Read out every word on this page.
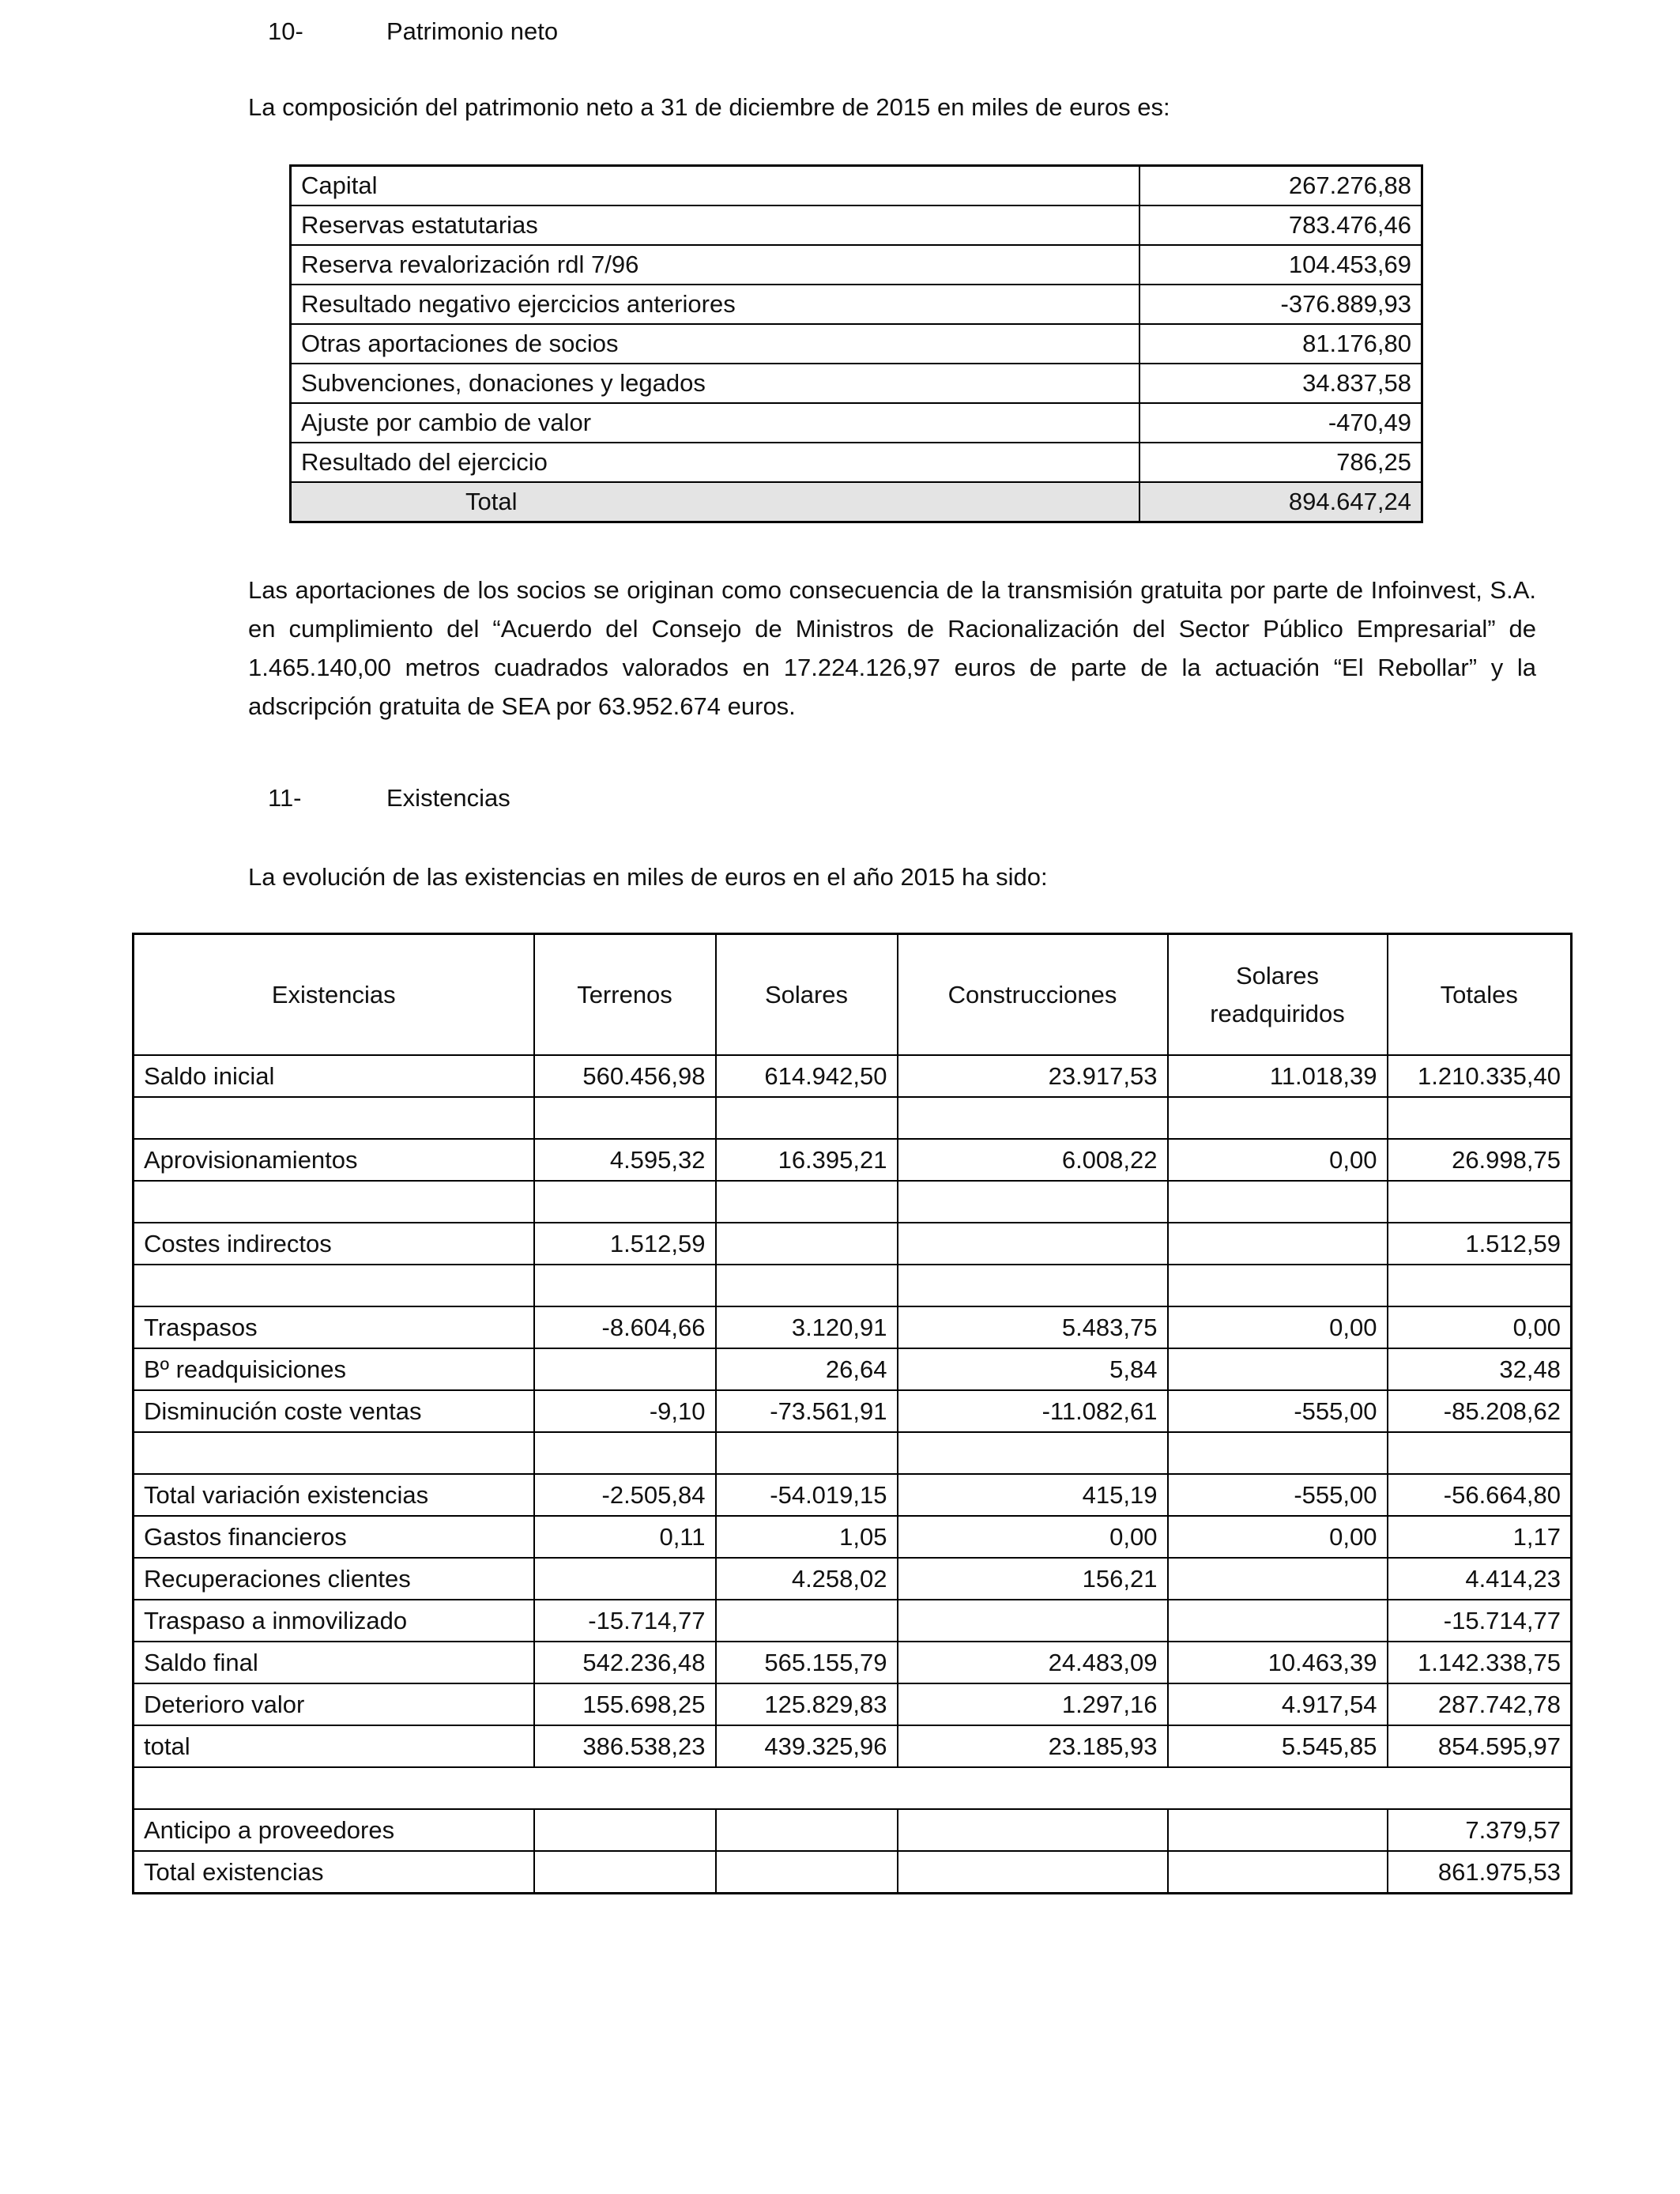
10-	Patrimonio neto
La composición del patrimonio neto a 31 de diciembre de 2015 en miles de euros es:
Capital	267.276,88
Reservas estatutarias	783.476,46
Reserva revalorización rdl 7/96	104.453,69
Resultado negativo ejercicios anteriores	-376.889,93
Otras aportaciones de socios	81.176,80
Subvenciones, donaciones y legados	34.837,58
Ajuste por cambio de valor	-470,49
Resultado del ejercicio	786,25
Total	894.647,24
Las aportaciones de los socios se originan como consecuencia de la transmisión gratuita por parte de Infoinvest, S.A. en cumplimiento del “Acuerdo del Consejo de Ministros de Racionalización del Sector Público Empresarial” de 1.465.140,00 metros cuadrados valorados en 17.224.126,97 euros de parte de la actuación “El Rebollar” y la adscripción gratuita de SEA por 63.952.674 euros.
11-	Existencias
La evolución de las existencias en miles de euros en el año 2015 ha sido:
Existencias	Terrenos	Solares	Construcciones	Solares readquiridos	Totales
Saldo inicial	560.456,98	614.942,50	23.917,53	11.018,39	1.210.335,40

Aprovisionamientos	4.595,32	16.395,21	6.008,22	0,00	26.998,75

Costes indirectos	1.512,59				1.512,59

Traspasos	-8.604,66	3.120,91	5.483,75	0,00	0,00
Bº readquisiciones		26,64	5,84		32,48
Disminución coste ventas	-9,10	-73.561,91	-11.082,61	-555,00	-85.208,62

Total variación existencias	-2.505,84	-54.019,15	415,19	-555,00	-56.664,80
Gastos financieros	0,11	1,05	0,00	0,00	1,17
Recuperaciones clientes		4.258,02	156,21		4.414,23
Traspaso a inmovilizado	-15.714,77				-15.714,77
Saldo final	542.236,48	565.155,79	24.483,09	10.463,39	1.142.338,75
Deterioro valor	155.698,25	125.829,83	1.297,16	4.917,54	287.742,78
total	386.538,23	439.325,96	23.185,93	5.545,85	854.595,97

Anticipo a proveedores					7.379,57
Total existencias					861.975,53
